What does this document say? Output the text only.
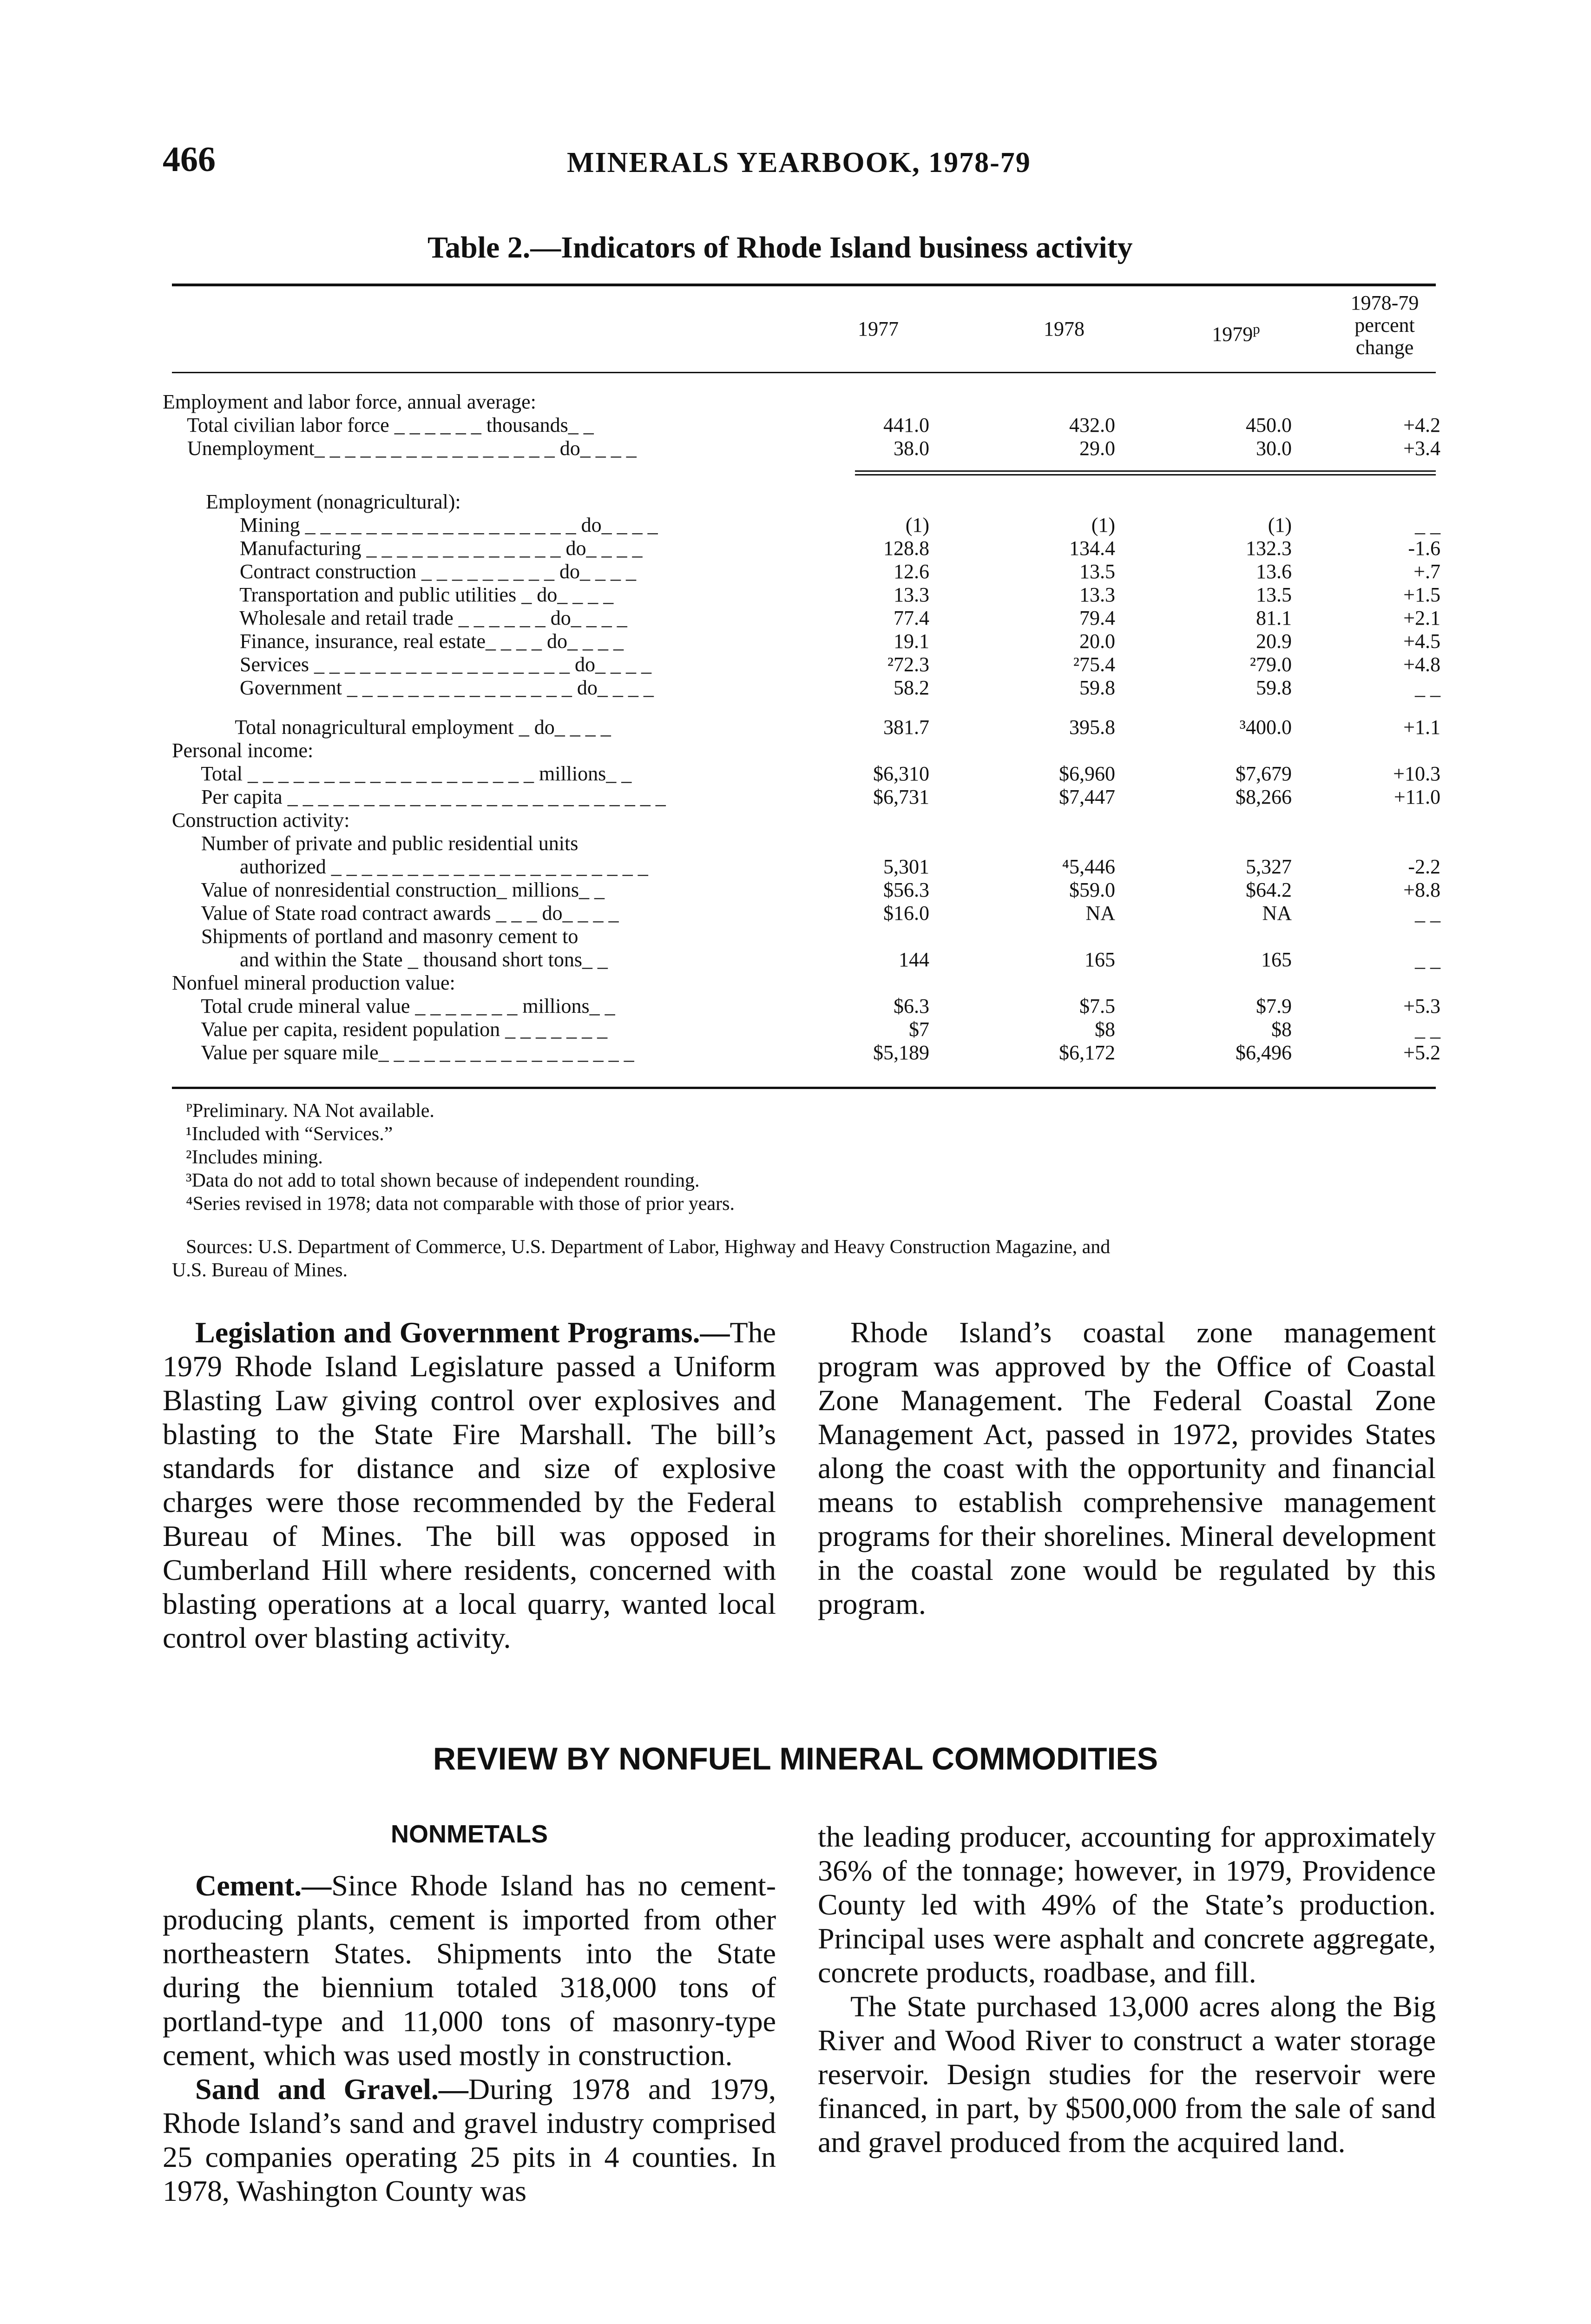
466	MINERALS YEARBOOK, 1978-79
Table 2.—Indicators of Rhode Island business activity
1977	1978	1979$^p$
1978-79
percent
change
Employment and labor force, annual average:
Total civilian labor force _ _ _ _ _ _ thousands_ _	441.0	432.0	450.0	+4.2
Unemployment_ _ _ _ _ _ _ _ _ _ _ _ _ _ _ _ do_ _ _ _	38.0	29.0	30.0	+3.4
Employment (nonagricultural):
Mining _ _ _ _ _ _ _ _ _ _ _ _ _ _ _ _ _ _ do_ _ _ _	(1)	(1)	(1)	_ _
Manufacturing _ _ _ _ _ _ _ _ _ _ _ _ _ do_ _ _ _	128.8	134.4	132.3	-1.6
Contract construction _ _ _ _ _ _ _ _ _ do_ _ _ _	12.6	13.5	13.6	+.7
Transportation and public utilities _ do_ _ _ _	13.3	13.3	13.5	+1.5
Wholesale and retail trade _ _ _ _ _ _ do_ _ _ _	77.4	79.4	81.1	+2.1
Finance, insurance, real estate_ _ _ _ do_ _ _ _	19.1	20.0	20.9	+4.5
Services _ _ _ _ _ _ _ _ _ _ _ _ _ _ _ _ _ do_ _ _ _	²72.3	²75.4	²79.0	+4.8
Government _ _ _ _ _ _ _ _ _ _ _ _ _ _ _ do_ _ _ _	58.2	59.8	59.8	_ _
Total nonagricultural employment _ do_ _ _ _	381.7	395.8	³400.0	+1.1
Personal income:
Total _ _ _ _ _ _ _ _ _ _ _ _ _ _ _ _ _ _ _ millions_ _	$6,310	$6,960	$7,679	+10.3
Per capita _ _ _ _ _ _ _ _ _ _ _ _ _ _ _ _ _ _ _ _ _ _ _ _ _	$6,731	$7,447	$8,266	+11.0
Construction activity:
Number of private and public residential units
authorized _ _ _ _ _ _ _ _ _ _ _ _ _ _ _ _ _ _ _ _ _	5,301	⁴5,446	5,327	-2.2
Value of nonresidential construction_ millions_ _	$56.3	$59.0	$64.2	+8.8
Value of State road contract awards _ _ _ do_ _ _ _	$16.0	NA	NA	_ _
Shipments of portland and masonry cement to
and within the State _ thousand short tons_ _	144	165	165	_ _
Nonfuel mineral production value:
Total crude mineral value _ _ _ _ _ _ _ millions_ _	$6.3	$7.5	$7.9	+5.3
Value per capita, resident population _ _ _ _ _ _ _	$7	$8	$8	_ _
Value per square mile_ _ _ _ _ _ _ _ _ _ _ _ _ _ _ _ _	$5,189	$6,172	$6,496	+5.2
ᴾPreliminary. NA Not available.
¹Included with “Services.”
²Includes mining.
³Data do not add to total shown because of independent rounding.
⁴Series revised in 1978; data not comparable with those of prior years.
Sources: U.S. Department of Commerce, U.S. Department of Labor, Highway and Heavy Construction Magazine, and
U.S. Bureau of Mines.

Legislation and Government Programs.—The 1979 Rhode Island Legislature passed a Uniform Blasting Law giving control over explosives and blasting to the State Fire Marshall. The bill’s standards for distance and size of explosive charges were those recommended by the Federal Bureau of Mines. The bill was opposed in Cumberland Hill where residents, concerned with blasting operations at a local quarry, wanted local control over blasting activity.

Rhode Island’s coastal zone management program was approved by the Office of Coastal Zone Management. The Federal Coastal Zone Management Act, passed in 1972, provides States along the coast with the opportunity and financial means to establish comprehensive management programs for their shorelines. Mineral development in the coastal zone would be regulated by this program.

REVIEW BY NONFUEL MINERAL COMMODITIES
NONMETALS

Cement.—Since Rhode Island has no cement-producing plants, cement is imported from other northeastern States. Shipments into the State during the biennium totaled 318,000 tons of portland-type and 11,000 tons of masonry-type cement, which was used mostly in construction.

Sand and Gravel.—During 1978 and 1979, Rhode Island’s sand and gravel industry comprised 25 companies operating 25 pits in 4 counties. In 1978, Washington County was

the leading producer, accounting for approximately 36% of the tonnage; however, in 1979, Providence County led with 49% of the State’s production. Principal uses were asphalt and concrete aggregate, concrete products, roadbase, and fill.

The State purchased 13,000 acres along the Big River and Wood River to construct a water storage reservoir. Design studies for the reservoir were financed, in part, by $500,000 from the sale of sand and gravel produced from the acquired land.
